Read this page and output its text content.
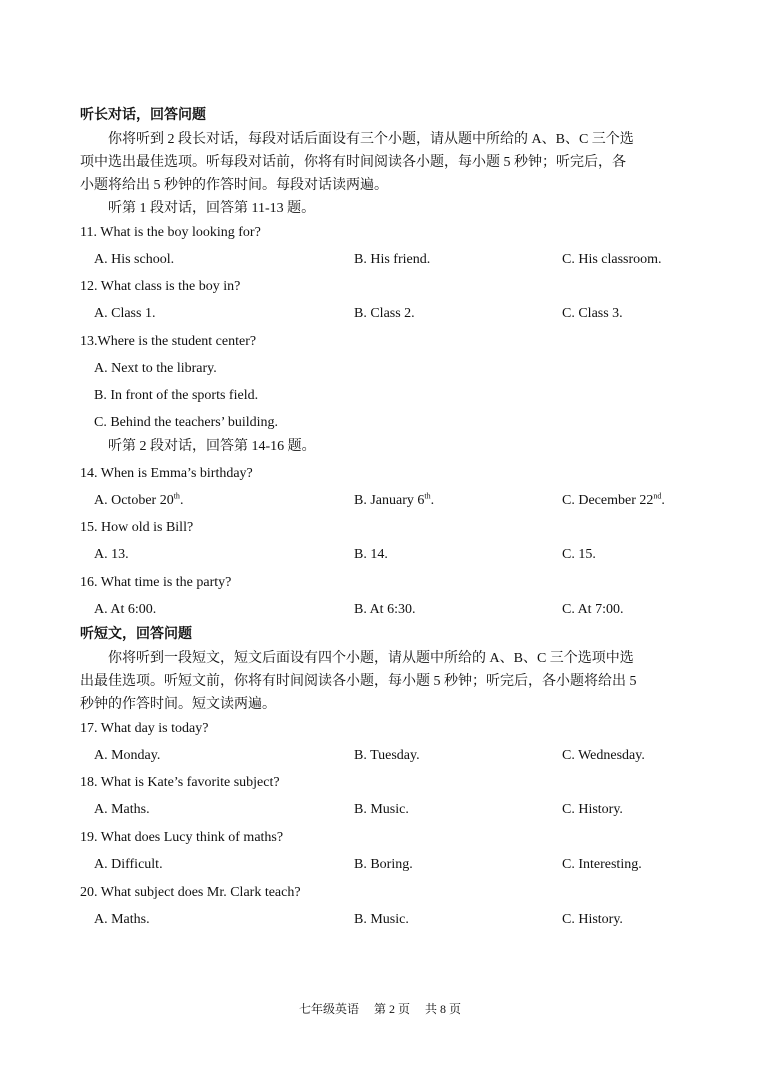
听长对话，回答问题
你将听到 2 段长对话，每段对话后面设有三个小题，请从题中所给的 A、B、C 三个选
项中选出最佳选项。听每段对话前，你将有时间阅读各小题，每小题 5 秒钟；听完后，各
小题将给出 5 秒钟的作答时间。每段对话读两遍。
听第 1 段对话，回答第 11-13 题。
11. What is the boy looking for?
A. His school.	B. His friend.	C. His classroom.
12. What class is the boy in?
A. Class 1.	B. Class 2.	C. Class 3.
13.Where is the student center?
A. Next to the library.
B. In front of the sports field.
C. Behind the teachers’ building.
听第 2 段对话，回答第 14-16 题。
14. When is Emma’s birthday?
A. October 20th.	B. January 6th.	C. December 22nd.
15. How old is Bill?
A. 13.	B. 14.	C. 15.
16. What time is the party?
A. At 6:00.	B. At 6:30.	C. At 7:00.
听短文，回答问题
你将听到一段短文，短文后面设有四个小题，请从题中所给的 A、B、C 三个选项中选
出最佳选项。听短文前，你将有时间阅读各小题，每小题 5 秒钟；听完后，各小题将给出 5
秒钟的作答时间。短文读两遍。
17. What day is today?
A. Monday.	B. Tuesday.	C. Wednesday.
18. What is Kate’s favorite subject?
A. Maths.	B. Music.	C. History.
19. What does Lucy think of maths?
A. Difficult.	B. Boring.	C. Interesting.
20. What subject does Mr. Clark teach?
A. Maths.	B. Music.	C. History.
七年级英语 第 2 页 共 8 页
